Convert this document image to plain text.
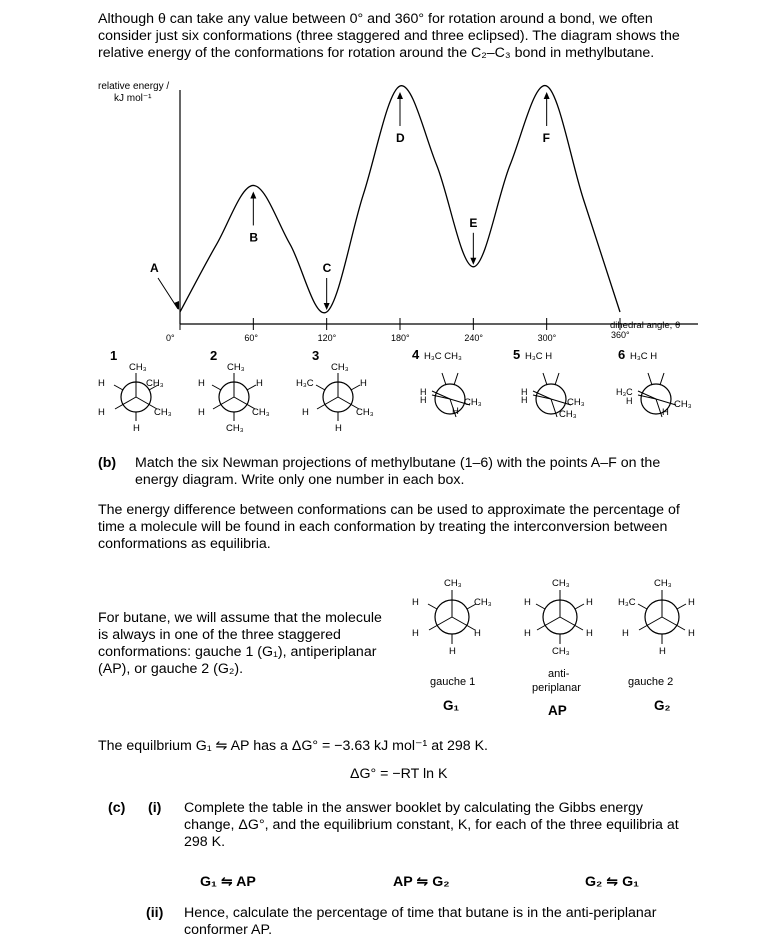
Although θ can take any value between 0° and 360° for rotation around a bond, we often
consider just six conformations (three staggered and three eclipsed). The diagram shows the
relative energy of the conformations for rotation around the C₂–C₃ bond in methylbutane.
relative energy /
kJ mol⁻¹
0°	60°	120°	180°	240°	300°	360°
A
B
C
D
E
F
dihedral angle, θ
1
CH₃
H	CH₃
H	CH₃
H
2
CH₃
H	H
H	CH₃
CH₃
3
CH₃
H₃C	H
H	CH₃
H
4 H₃C CH₃
H
H	CH₃
H
5 H₃C H
H
H	CH₃
CH₃
6 H₃C H
H₃C
H	CH₃
H
(b) Match the six Newman projections of methylbutane (1–6) with the points A–F on the
energy diagram. Write only one number in each box.
The energy difference between conformations can be used to approximate the percentage of
time a molecule will be found in each conformation by treating the interconversion between
conformations as equilibria.
For butane, we will assume that the molecule
is always in one of the three staggered
conformations: gauche 1 (G₁), antiperiplanar
(AP), or gauche 2 (G₂).
CH₃
H	CH₃
H	H
H
gauche 1
G₁
CH₃
H	H
H	H
CH₃
anti-
periplanar
AP
CH₃
H₃C	H
H	H
H
gauche 2
G₂
The equilbrium G₁ ⇋ AP has a ΔG° = −3.63 kJ mol⁻¹ at 298 K.
ΔG° = −RT ln K
(c) (i) Complete the table in the answer booklet by calculating the Gibbs energy
change, ΔG°, and the equilibrium constant, K, for each of the three equilibria at
298 K.
G₁ ⇋ AP	AP ⇋ G₂	G₂ ⇋ G₁
(ii) Hence, calculate the percentage of time that butane is in the anti-periplanar
conformer AP.
